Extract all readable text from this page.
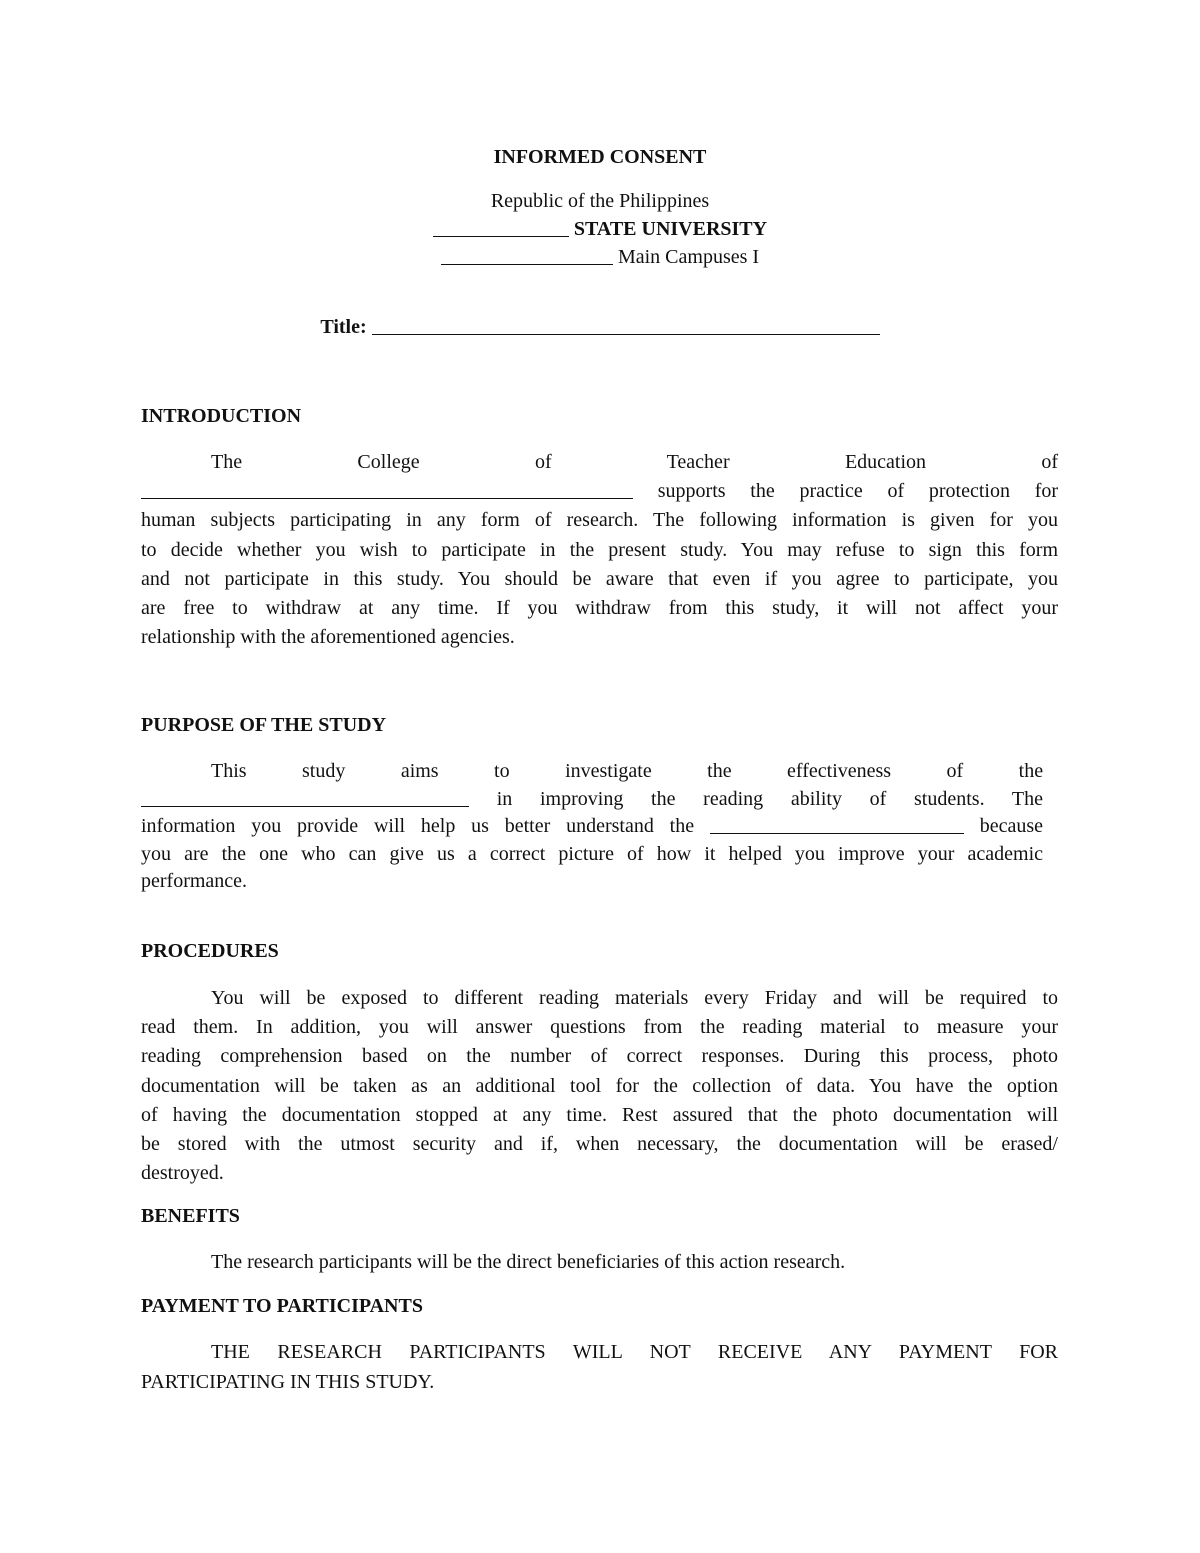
INFORMED CONSENT
Republic of the Philippines
STATE UNIVERSITY
Main Campuses I
Title:
INTRODUCTION
The	College	of	Teacher	Education	of
supports the practice of protection for
human subjects participating in any form of research. The following information is given for you
to decide whether you wish to participate in the present study. You may refuse to sign this form
and not participate in this study. You should be aware that even if you agree to participate, you
are free to withdraw at any time. If you withdraw from this study, it will not affect your
relationship with the aforementioned agencies.
PURPOSE OF THE STUDY
This	study	aims	to	investigate	the	effectiveness	of	the
in improving the reading ability of students. The
information you provide will help us better understand the	because
you are the one who can give us a correct picture of how it helped you improve your academic
performance.
PROCEDURES
You will be exposed to different reading materials every Friday and will be required to
read them. In addition, you will answer questions from the reading material to measure your
reading comprehension based on the number of correct responses. During this process, photo
documentation will be taken as an additional tool for the collection of data. You have the option
of having the documentation stopped at any time. Rest assured that the photo documentation will
be stored with the utmost security and if, when necessary, the documentation will be erased/
destroyed.
BENEFITS
The research participants will be the direct beneficiaries of this action research.
PAYMENT TO PARTICIPANTS
THE RESEARCH PARTICIPANTS WILL NOT RECEIVE ANY PAYMENT FOR
PARTICIPATING IN THIS STUDY.
